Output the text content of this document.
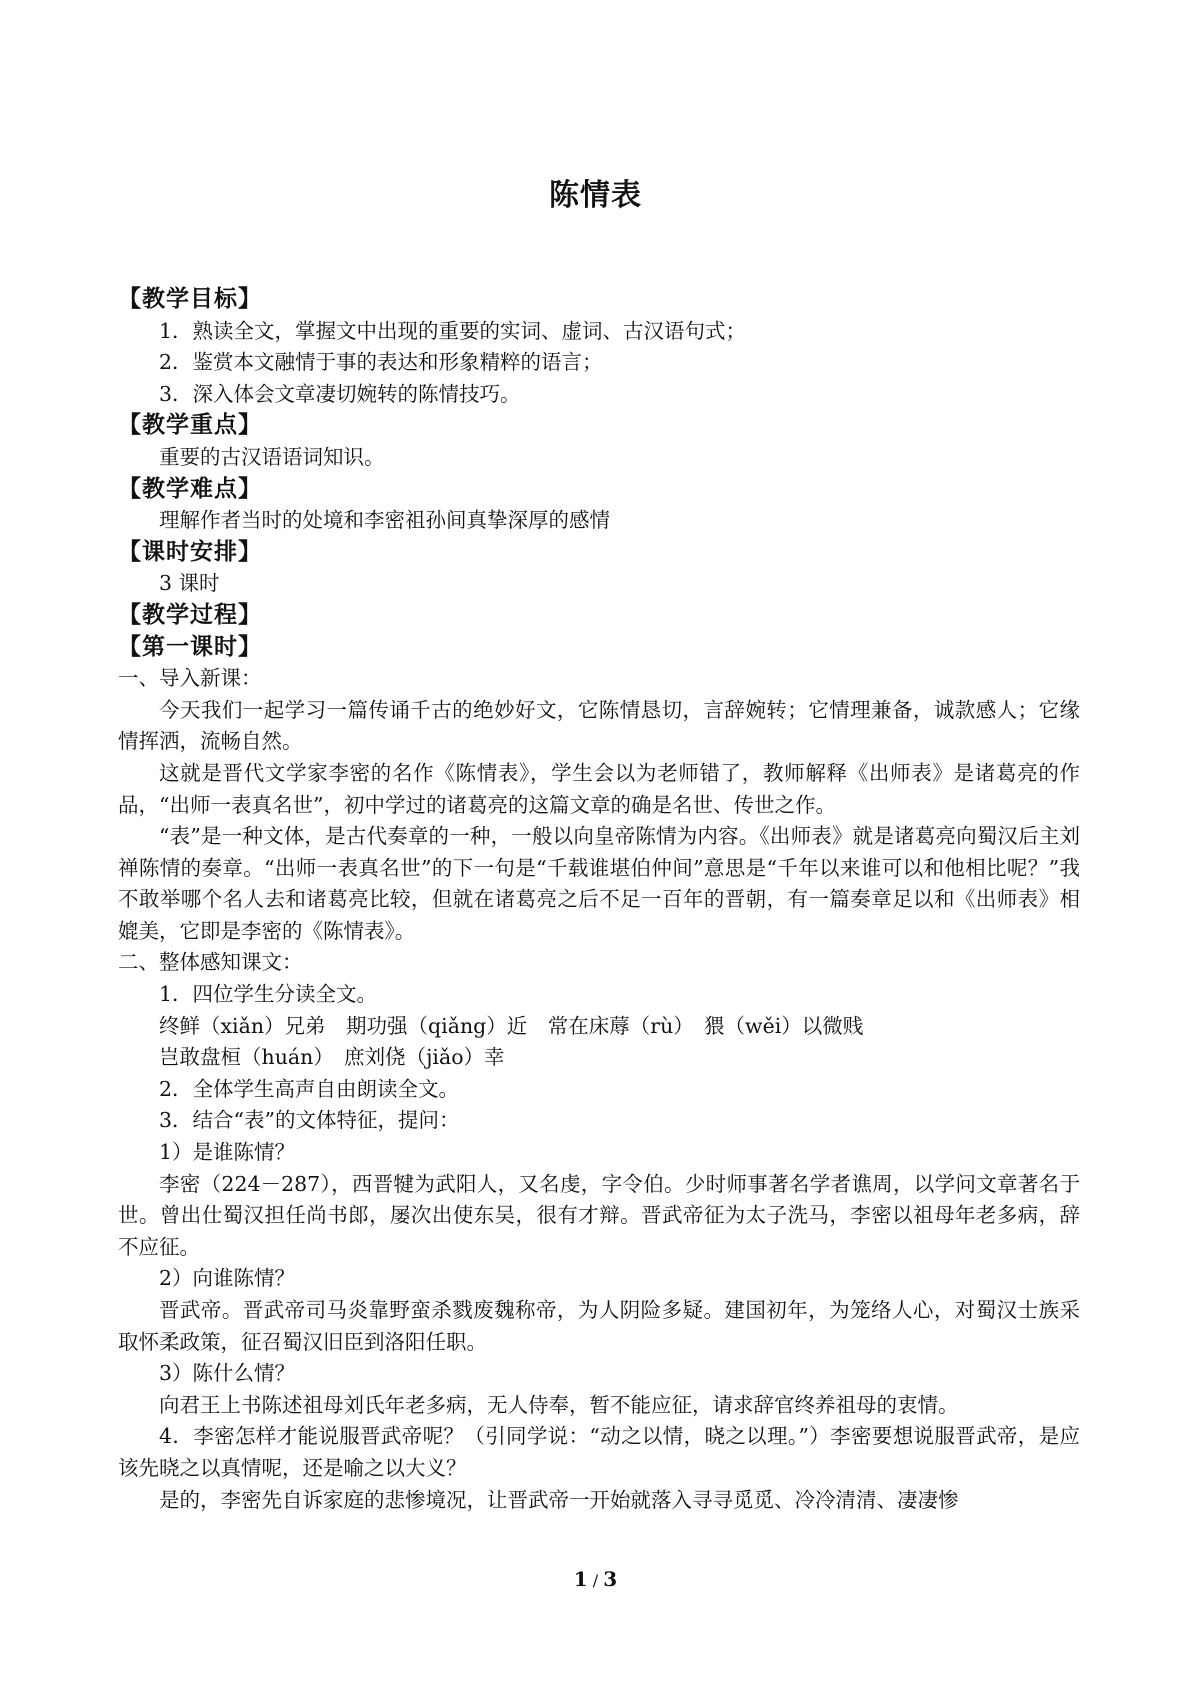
陈情表
【教学目标】
1．熟读全文，掌握文中出现的重要的实词、虚词、古汉语句式；
2．鉴赏本文融情于事的表达和形象精粹的语言；
3．深入体会文章凄切婉转的陈情技巧。
【教学重点】
重要的古汉语语词知识。
【教学难点】
理解作者当时的处境和李密祖孙间真挚深厚的感情
【课时安排】
3 课时
【教学过程】
【第一课时】
一、导入新课：

今天我们一起学习一篇传诵千古的绝妙好文，它陈情恳切，言辞婉转；它情理兼备，诚款感人；它缘情挥洒，流畅自然。

这就是晋代文学家李密的名作《陈情表》，学生会以为老师错了，教师解释《出师表》是诸葛亮的作品，“出师一表真名世”，初中学过的诸葛亮的这篇文章的确是名世、传世之作。

“表”是一种文体，是古代奏章的一种，一般以向皇帝陈情为内容。《出师表》就是诸葛亮向蜀汉后主刘禅陈情的奏章。“出师一表真名世”的下一句是“千载谁堪伯仲间”意思是“千年以来谁可以和他相比呢？”我不敢举哪个名人去和诸葛亮比较，但就在诸葛亮之后不足一百年的晋朝，有一篇奏章足以和《出师表》相媲美，它即是李密的《陈情表》。

二、整体感知课文：
1．四位学生分读全文。
终鲜（xiǎn）兄弟　期功强（qiǎng）近　常在床蓐（rù）　猥（wěi）以微贱
岂敢盘桓（huán）　庶刘侥（jiǎo）幸
2．全体学生高声自由朗读全文。
3．结合“表”的文体特征，提问：
1）是谁陈情？

李密（224－287），西晋犍为武阳人，又名虔，字令伯。少时师事著名学者谯周，以学问文章著名于世。曾出仕蜀汉担任尚书郎，屡次出使东吴，很有才辩。晋武帝征为太子洗马，李密以祖母年老多病，辞不应征。

2）向谁陈情？

晋武帝。晋武帝司马炎靠野蛮杀戮废魏称帝，为人阴险多疑。建国初年，为笼络人心，对蜀汉士族采取怀柔政策，征召蜀汉旧臣到洛阳任职。

3）陈什么情？

向君王上书陈述祖母刘氏年老多病，无人侍奉，暂不能应征，请求辞官终养祖母的衷情。

4．李密怎样才能说服晋武帝呢？（引同学说：“动之以情，晓之以理。”）李密要想说服晋武帝，是应该先晓之以真情呢，还是喻之以大义？

是的，李密先自诉家庭的悲惨境况，让晋武帝一开始就落入寻寻觅觅、冷冷清清、凄凄惨

1 / 3
